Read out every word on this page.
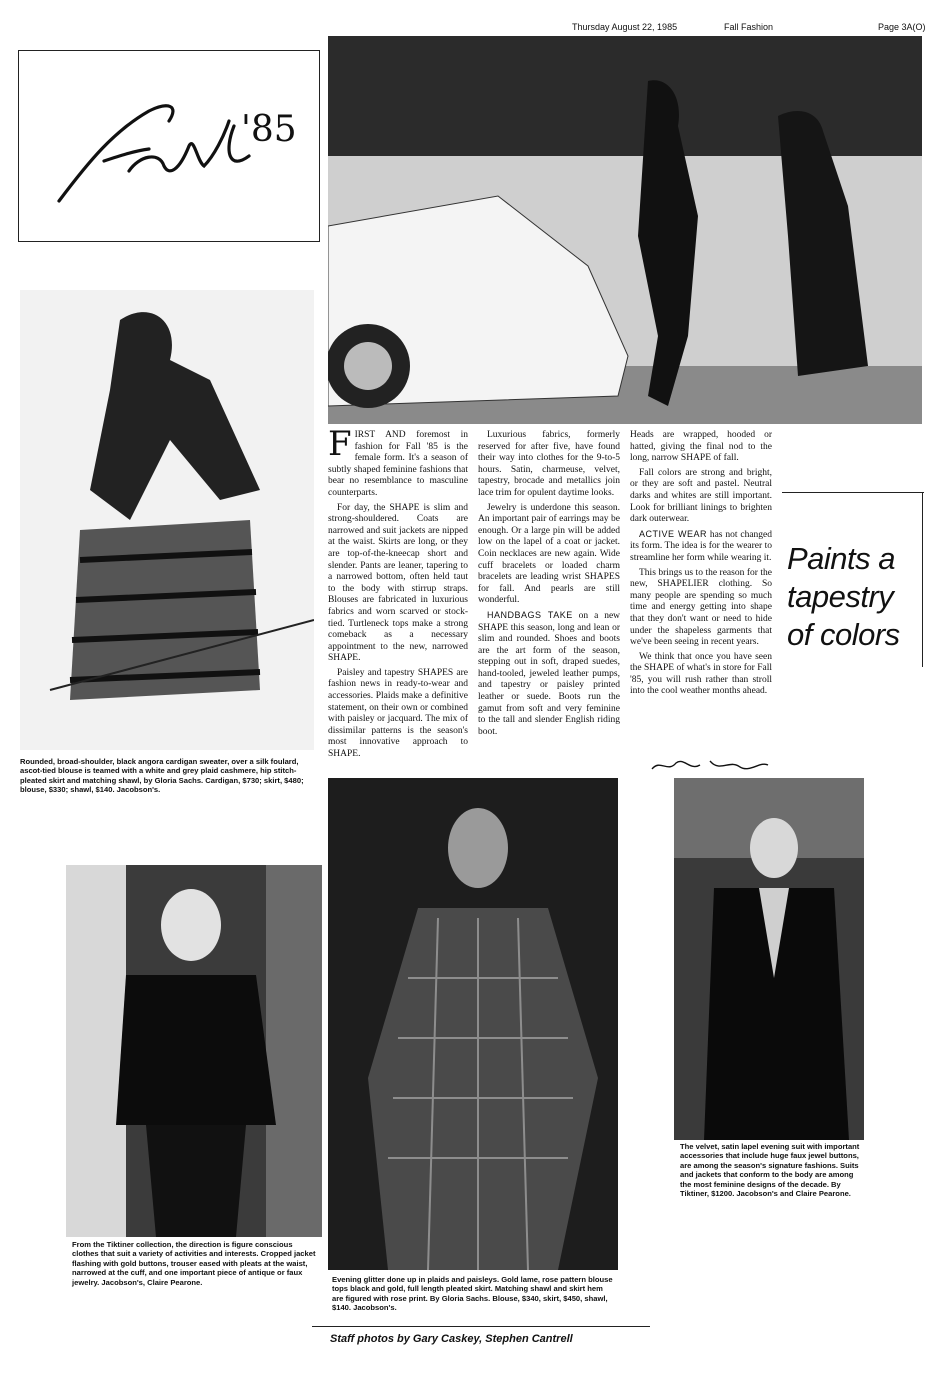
Thursday August 22, 1985	Fall Fashion	Page 3A(O)
'85
Rounded, broad-shoulder, black angora cardigan sweater, over a silk foulard, ascot-tied blouse is teamed with a white and grey plaid cashmere, hip stitch-pleated skirt and matching shawl, by Gloria Sachs. Cardigan, $730; skirt, $480; blouse, $330; shawl, $140. Jacobson's.
From the Tiktiner collection, the direction is figure conscious clothes that suit a variety of activities and interests. Cropped jacket flashing with gold buttons, trouser eased with pleats at the waist, narrowed at the cuff, and one important piece of antique or faux jewelry. Jacobson's, Claire Pearone.

FIRST AND foremost in fashion for Fall '85 is the female form. It's a season of subtly shaped feminine fashions that bear no resemblance to masculine counterparts.

For day, the SHAPE is slim and strong-shouldered. Coats are narrowed and suit jackets are nipped at the waist. Skirts are long, or they are top-of-the-kneecap short and slender. Pants are leaner, tapering to a narrowed bottom, often held taut to the body with stirrup straps. Blouses are fabricated in luxurious fabrics and worn scarved or stock-tied. Turtleneck tops make a strong comeback as a necessary appointment to the new, narrowed SHAPE.

Paisley and tapestry SHAPES are fashion news in ready-to-wear and accessories. Plaids make a definitive statement, on their own or combined with paisley or jacquard. The mix of dissimilar patterns is the season's most innovative approach to SHAPE.

Luxurious fabrics, formerly reserved for after five, have found their way into clothes for the 9-to-5 hours. Satin, charmeuse, velvet, tapestry, brocade and metallics join lace trim for opulent daytime looks.

Jewelry is underdone this season. An important pair of earrings may be enough. Or a large pin will be added low on the lapel of a coat or jacket. Coin necklaces are new again. Wide cuff bracelets or loaded charm bracelets are leading wrist SHAPES for fall. And pearls are still wonderful.

HANDBAGS TAKE on a new SHAPE this season, long and lean or slim and rounded. Shoes and boots are the art form of the season, stepping out in soft, draped suedes, hand-tooled, jeweled leather pumps, and tapestry or paisley printed leather or suede. Boots run the gamut from soft and very feminine to the tall and slender English riding boot.

Heads are wrapped, hooded or hatted, giving the final nod to the long, narrow SHAPE of fall.

Fall colors are strong and bright, or they are soft and pastel. Neutral darks and whites are still important. Look for brilliant linings to brighten dark outerwear.

ACTIVE WEAR has not changed its form. The idea is for the wearer to streamline her form while wearing it.

This brings us to the reason for the new, SHAPELIER clothing. So many people are spending so much time and energy getting into shape that they don't want or need to hide under the shapeless garments that we've been seeing in recent years.

We think that once you have seen the SHAPE of what's in store for Fall '85, you will rush rather than stroll into the cool weather months ahead.

Paints a
tapestry
of colors
Evening glitter done up in plaids and paisleys. Gold lame, rose pattern blouse tops black and gold, full length pleated skirt. Matching shawl and skirt hem are figured with rose print. By Gloria Sachs. Blouse, $340, skirt, $450, shawl, $140. Jacobson's.
The velvet, satin lapel evening suit with important accessories that include huge faux jewel buttons, are among the season's signature fashions. Suits and jackets that conform to the body are among the most feminine designs of the decade. By Tiktiner, $1200. Jacobson's and Claire Pearone.
Staff photos by Gary Caskey, Stephen Cantrell
